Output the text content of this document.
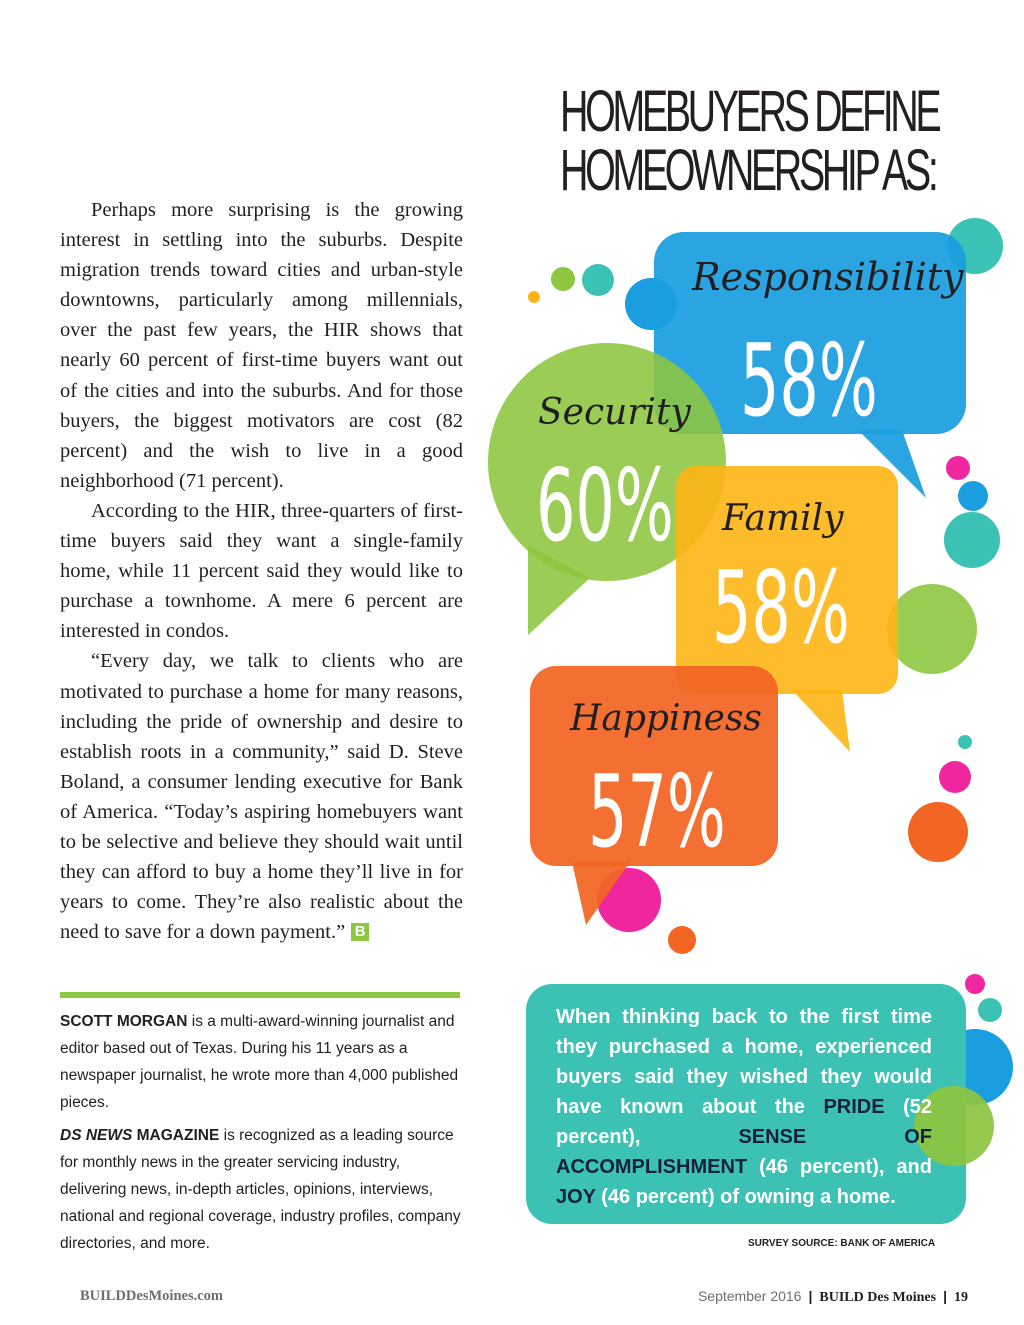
Perhaps more surprising is the growing interest in settling into the suburbs. Despite migration trends toward cities and urban-style downtowns, particularly among millennials, over the past few years, the HIR shows that nearly 60 percent of first-time buyers want out of the cities and into the suburbs. And for those buyers, the biggest motivators are cost (82 percent) and the wish to live in a good neighborhood (71 percent).

According to the HIR, three-quarters of first-time buyers said they want a single-family home, while 11 percent said they would like to purchase a townhome. A mere 6 percent are interested in condos.

“Every day, we talk to clients who are motivated to purchase a home for many reasons, including the pride of ownership and desire to establish roots in a community,” said D. Steve Boland, a consumer lending executive for Bank of America. “Today’s aspiring homebuyers want to be selective and believe they should wait until they can afford to buy a home they’ll live in for years to come. They’re also realistic about the need to save for a down payment.” B

SCOTT MORGAN is a multi-award-winning journalist and editor based out of Texas. During his 11 years as a newspaper journalist, he wrote more than 4,000 published pieces.

DS NEWS MAGAZINE is recognized as a leading source for monthly news in the greater servicing industry, delivering news, in-depth articles, opinions, interviews, national and regional coverage, industry profiles, company directories, and more.

HOMEBUYERS DEFINE
HOMEOWNERSHIP AS:
Responsibility
58%
Security
60% Family
58%
Happiness
57%
When thinking back to the first time they purchased a home, experienced buyers said they wished they would have known about the PRIDE (52 percent), SENSE OF ACCOMPLISHMENT (46 percent), and JOY (46 percent) of owning a home.
SURVEY SOURCE: BANK OF AMERICA
BUILDDesMoines.com	September 2016 | BUILD Des Moines | 19
